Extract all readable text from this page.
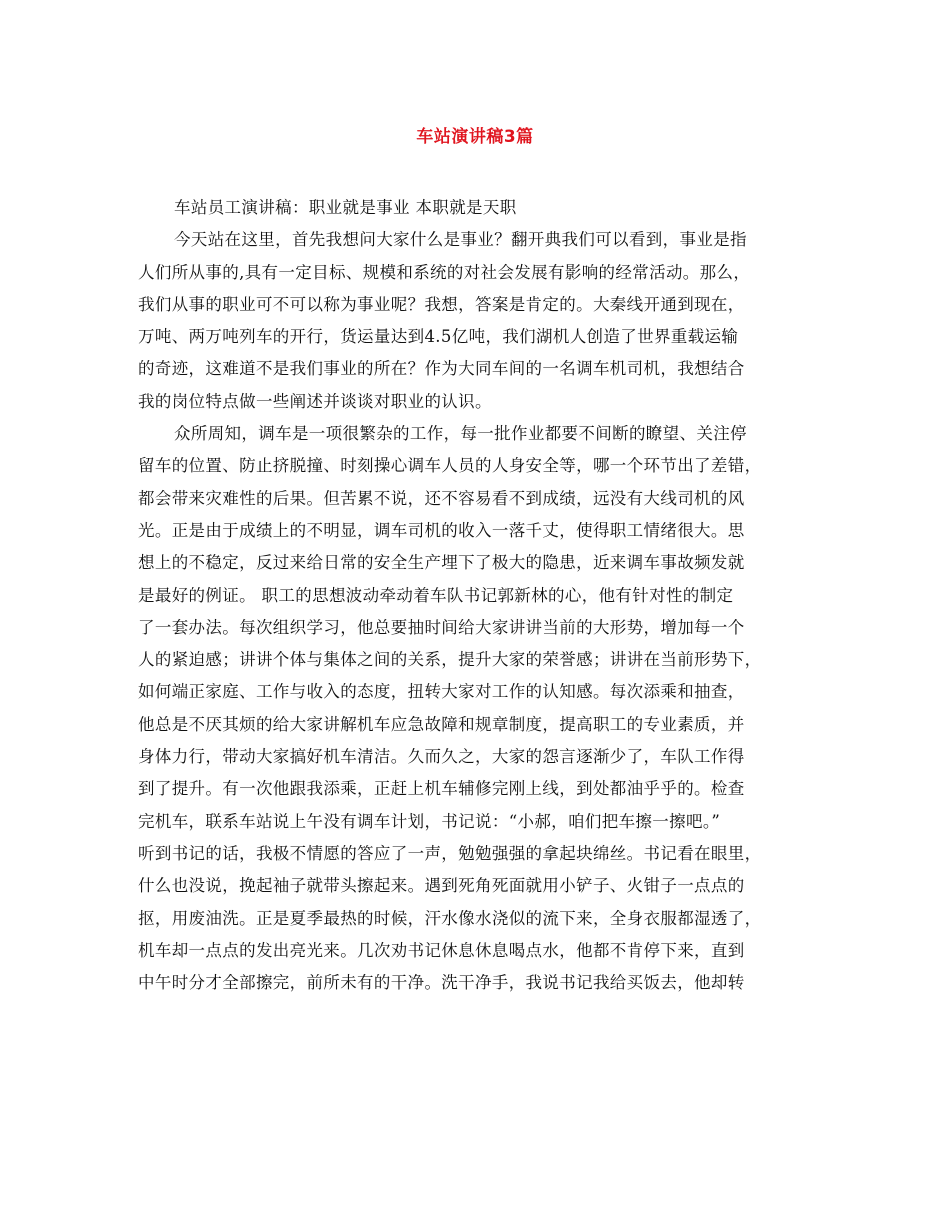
车站演讲稿3篇
车站员工演讲稿：职业就是事业 本职就是天职
今天站在这里，首先我想问大家什么是事业？翻开典我们可以看到，事业是指
人们所从事的,具有一定目标、规模和系统的对社会发展有影响的经常活动。那么，
我们从事的职业可不可以称为事业呢？我想，答案是肯定的。大秦线开通到现在，
万吨、两万吨列车的开行，货运量达到4.5亿吨，我们湖机人创造了世界重载运输
的奇迹，这难道不是我们事业的所在？作为大同车间的一名调车机司机，我想结合
我的岗位特点做一些阐述并谈谈对职业的认识。
众所周知，调车是一项很繁杂的工作，每一批作业都要不间断的瞭望、关注停
留车的位置、防止挤脱撞、时刻操心调车人员的人身安全等，哪一个环节出了差错，
都会带来灾难性的后果。但苦累不说，还不容易看不到成绩，远没有大线司机的风
光。正是由于成绩上的不明显，调车司机的收入一落千丈，使得职工情绪很大。思
想上的不稳定，反过来给日常的安全生产埋下了极大的隐患，近来调车事故频发就
是最好的例证。 职工的思想波动牵动着车队书记郭新林的心，他有针对性的制定
了一套办法。每次组织学习，他总要抽时间给大家讲讲当前的大形势，增加每一个
人的紧迫感；讲讲个体与集体之间的关系，提升大家的荣誉感；讲讲在当前形势下，
如何端正家庭、工作与收入的态度，扭转大家对工作的认知感。每次添乘和抽查，
他总是不厌其烦的给大家讲解机车应急故障和规章制度，提高职工的专业素质，并
身体力行，带动大家搞好机车清洁。久而久之，大家的怨言逐渐少了，车队工作得
到了提升。有一次他跟我添乘，正赶上机车辅修完刚上线，到处都油乎乎的。检查
完机车，联系车站说上午没有调车计划，书记说：“小郝，咱们把车擦一擦吧。”
听到书记的话，我极不情愿的答应了一声，勉勉强强的拿起块绵丝。书记看在眼里，
什么也没说，挽起袖子就带头擦起来。遇到死角死面就用小铲子、火钳子一点点的
抠，用废油洗。正是夏季最热的时候，汗水像水浇似的流下来，全身衣服都湿透了，
机车却一点点的发出亮光来。几次劝书记休息休息喝点水，他都不肯停下来，直到
中午时分才全部擦完，前所未有的干净。洗干净手，我说书记我给买饭去，他却转
